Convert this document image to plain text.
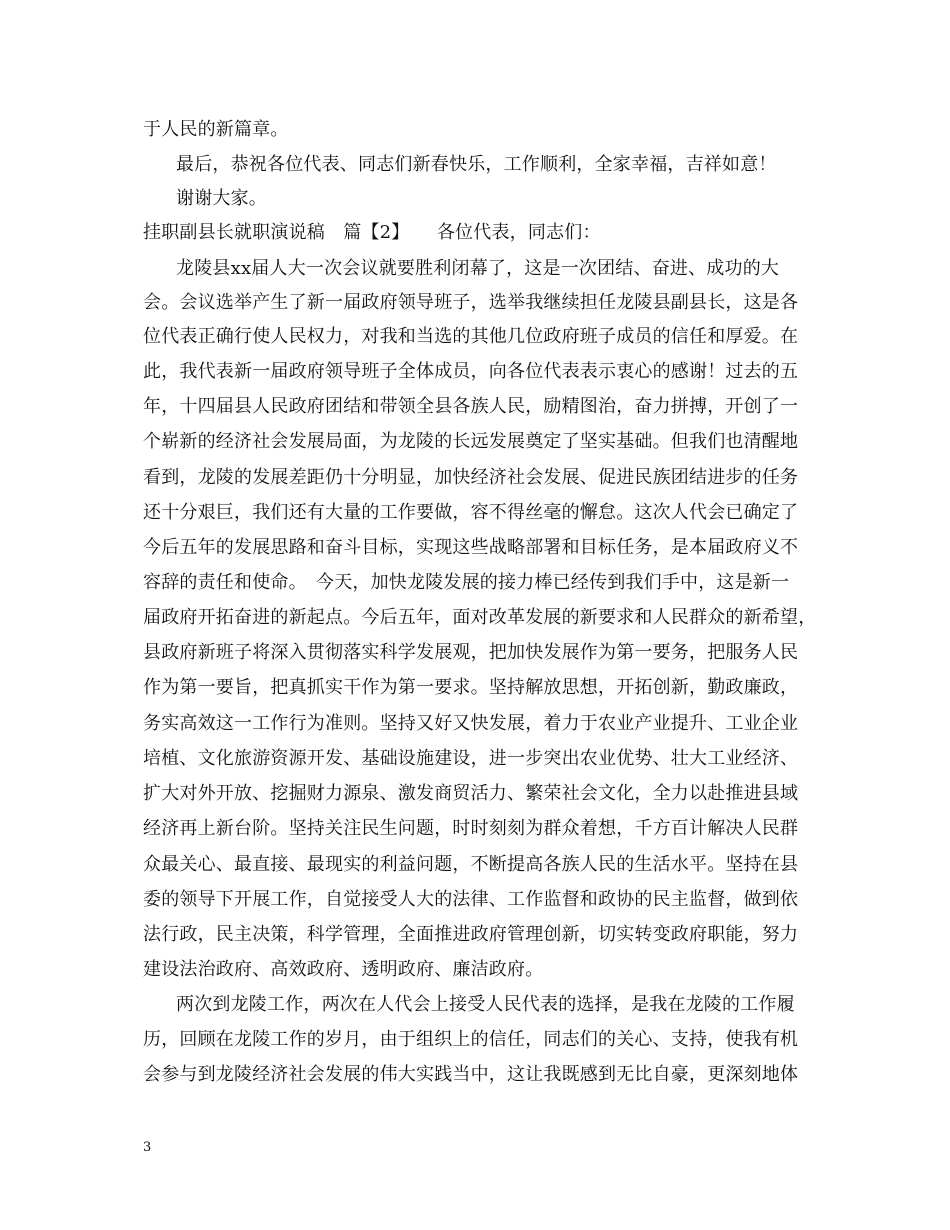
于人民的新篇章。
最后，恭祝各位代表、同志们新春快乐，工作顺利，全家幸福，吉祥如意！
谢谢大家。
挂职副县长就职演说稿　篇【2】　　各位代表，同志们：
龙陵县xx届人大一次会议就要胜利闭幕了，这是一次团结、奋进、成功的大
会。会议选举产生了新一届政府领导班子，选举我继续担任龙陵县副县长，这是各
位代表正确行使人民权力，对我和当选的其他几位政府班子成员的信任和厚爱。在
此，我代表新一届政府领导班子全体成员，向各位代表表示衷心的感谢！过去的五
年，十四届县人民政府团结和带领全县各族人民，励精图治，奋力拼搏，开创了一
个崭新的经济社会发展局面，为龙陵的长远发展奠定了坚实基础。但我们也清醒地
看到，龙陵的发展差距仍十分明显，加快经济社会发展、促进民族团结进步的任务
还十分艰巨，我们还有大量的工作要做，容不得丝毫的懈怠。这次人代会已确定了
今后五年的发展思路和奋斗目标，实现这些战略部署和目标任务，是本届政府义不
容辞的责任和使命。　今天，加快龙陵发展的接力棒已经传到我们手中，这是新一
届政府开拓奋进的新起点。今后五年，面对改革发展的新要求和人民群众的新希望，
县政府新班子将深入贯彻落实科学发展观，把加快发展作为第一要务，把服务人民
作为第一要旨，把真抓实干作为第一要求。坚持解放思想，开拓创新，勤政廉政，
务实高效这一工作行为准则。坚持又好又快发展，着力于农业产业提升、工业企业
培植、文化旅游资源开发、基础设施建设，进一步突出农业优势、壮大工业经济、
扩大对外开放、挖掘财力源泉、激发商贸活力、繁荣社会文化，全力以赴推进县域
经济再上新台阶。坚持关注民生问题，时时刻刻为群众着想，千方百计解决人民群
众最关心、最直接、最现实的利益问题，不断提高各族人民的生活水平。坚持在县
委的领导下开展工作，自觉接受人大的法律、工作监督和政协的民主监督，做到依
法行政，民主决策，科学管理，全面推进政府管理创新，切实转变政府职能，努力
建设法治政府、高效政府、透明政府、廉洁政府。
两次到龙陵工作，两次在人代会上接受人民代表的选择，是我在龙陵的工作履
历，回顾在龙陵工作的岁月，由于组织上的信任，同志们的关心、支持，使我有机
会参与到龙陵经济社会发展的伟大实践当中，这让我既感到无比自豪，更深刻地体
3
